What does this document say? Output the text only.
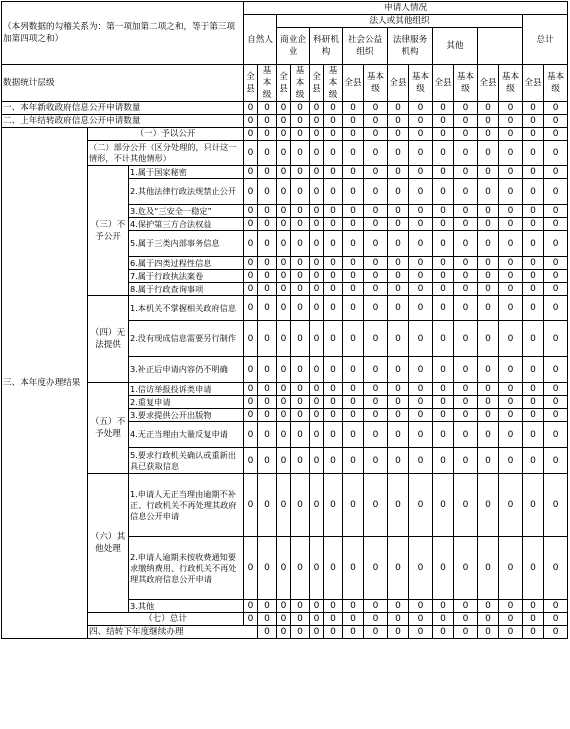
（本列数据的勾稽关系为：第一项加第二项之和，等于第三项加第四项之和）			申请人情况																
			自然人		法人或其他组织												总计		
					商业企业		科研机构		社会公益组织		法律服务机构		其他						
数据统计层级			全县	基本级	全县	基本级	全县	基本级	全县	基本级	全县	基本级	全县	基本级	全县	基本级	全县	基本级	
一、本年新收政府信息公开申请数量			0	0	0	0	0	0	0	0	0	0	0	0	0	0	0	0	
二、上年结转政府信息公开申请数量			0	0	0	0	0	0	0	0	0	0	0	0	0	0	0	0	
三、本年度办理结果	（一）予以公开		0	0	0	0	0	0	0	0	0	0	0	0	0	0	0	0	
	（二）部分公开（区分处理的，只计这一情形，不计其他情形）		0	0	0	0	0	0	0	0	0	0	0	0	0	0	0	0	
	（三）不予公开	1.属于国家秘密	0	0	0	0	0	0	0	0	0	0	0	0	0	0	0	0	
		2.其他法律行政法规禁止公开	0	0	0	0	0	0	0	0	0	0	0	0	0	0	0	0	
		3.危及“三安全一稳定”	0	0	0	0	0	0	0	0	0	0	0	0	0	0	0	0	
		4.保护第三方合法权益	0	0	0	0	0	0	0	0	0	0	0	0	0	0	0	0	
		5.属于三类内部事务信息	0	0	0	0	0	0	0	0	0	0	0	0	0	0	0	0	
		6.属于四类过程性信息	0	0	0	0	0	0	0	0	0	0	0	0	0	0	0	0	
		7.属于行政执法案卷	0	0	0	0	0	0	0	0	0	0	0	0	0	0	0	0	
		8.属于行政查询事项	0	0	0	0	0	0	0	0	0	0	0	0	0	0	0	0	
	（四）无法提供	1.本机关不掌握相关政府信息	0	0	0	0	0	0	0	0	0	0	0	0	0	0	0	0	
		2.没有现成信息需要另行制作	0	0	0	0	0	0	0	0	0	0	0	0	0	0	0	0	
		3.补正后申请内容仍不明确	0	0	0	0	0	0	0	0	0	0	0	0	0	0	0	0	
	（五）不予处理	1.信访举报投诉类申请	0	0	0	0	0	0	0	0	0	0	0	0	0	0	0	0	
		2.重复申请	0	0	0	0	0	0	0	0	0	0	0	0	0	0	0	0	
		3.要求提供公开出版物	0	0	0	0	0	0	0	0	0	0	0	0	0	0	0	0	
		4.无正当理由大量反复申请	0	0	0	0	0	0	0	0	0	0	0	0	0	0	0	0	
		5.要求行政机关确认或重新出具已获取信息	0	0	0	0	0	0	0	0	0	0	0	0	0	0	0	0	
	（六）其他处理	1.申请人无正当理由逾期不补正、行政机关不再处理其政府信息公开申请	0	0	0	0	0	0	0	0	0	0	0	0	0	0	0	0	
		2.申请人逾期未按收费通知要求缴纳费用、行政机关不再处理其政府信息公开申请	0	0	0	0	0	0	0	0	0	0	0	0	0	0	0	0	
		3.其他	0	0	0	0	0	0	0	0	0	0	0	0	0	0	0	0	
	（七）总计		0	0	0	0	0	0	0	0	0	0	0	0	0	0	0	0	
	四、结转下年度继续办理			0	0	0	0	0	0	0	0	0	0	0	0	0	0	0	
